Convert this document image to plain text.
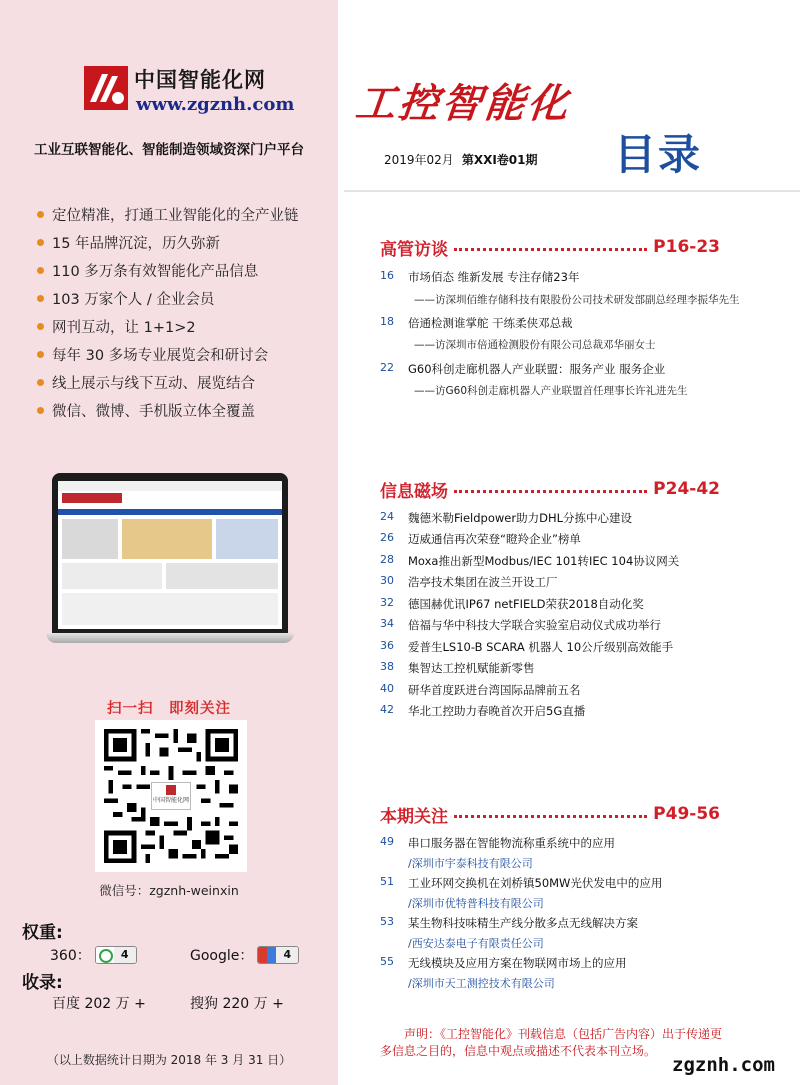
中国智能化网
www.zgznh.com
工业互联智能化、智能制造领域资深门户平台
定位精准，打通工业智能化的全产业链
15 年品牌沉淀，历久弥新
110 多万条有效智能化产品信息
103 万家个人 / 企业会员
网刊互动，让 1+1>2
每年 30 多场专业展览会和研讨会
线上展示与线下互动、展览结合
微信、微博、手机版立体全覆盖
扫一扫　即刻关注
中国智能化网
微信号：zgznh-weinxin
权重:
360：	4	Google：	4
收录:
百度 202 万 +	搜狗 220 万 +
（以上数据统计日期为 2018 年 3 月 31 日）
工控智能化
2019年02月 第XXI卷01期 目录
高管访谈	P16-23
16	市场佰态 维新发展 专注存储23年
——访深圳佰维存储科技有限股份公司技术研发部副总经理李振华先生
18	倍通检测谁掌舵 干练柔侠邓总裁
——访深圳市倍通检测股份有限公司总裁邓华丽女士
22	G60科创走廊机器人产业联盟：服务产业 服务企业
——访G60科创走廊机器人产业联盟首任理事长许礼进先生
信息磁场	P24-42
24	魏德米勒Fieldpower助力DHL分拣中心建设
26	迈威通信再次荣登“瞪羚企业”榜单
28	Moxa推出新型Modbus/IEC 101转IEC 104协议网关
30	浩亭技术集团在波兰开设工厂
32	德国赫优讯IP67 netFIELD荣获2018自动化奖
34	倍福与华中科技大学联合实验室启动仪式成功举行
36	爱普生LS10-B SCARA 机器人 10公斤级别高效能手
38	集智达工控机赋能新零售
40	研华首度跃进台湾国际品牌前五名
42	华北工控助力春晚首次开启5G直播
本期关注	P49-56
49	串口服务器在智能物流称重系统中的应用
/深圳市宇泰科技有限公司
51	工业环网交换机在刘桥镇50MW光伏发电中的应用
/深圳市优特普科技有限公司
53	某生物科技味精生产线分散多点无线解决方案
/西安达泰电子有限责任公司
55	无线模块及应用方案在物联网市场上的应用
/深圳市天工测控技术有限公司
声明：《工控智能化》刊载信息（包括广告内容）出于传递更
多信息之目的，信息中观点或描述不代表本刊立场。
zgznh.com
